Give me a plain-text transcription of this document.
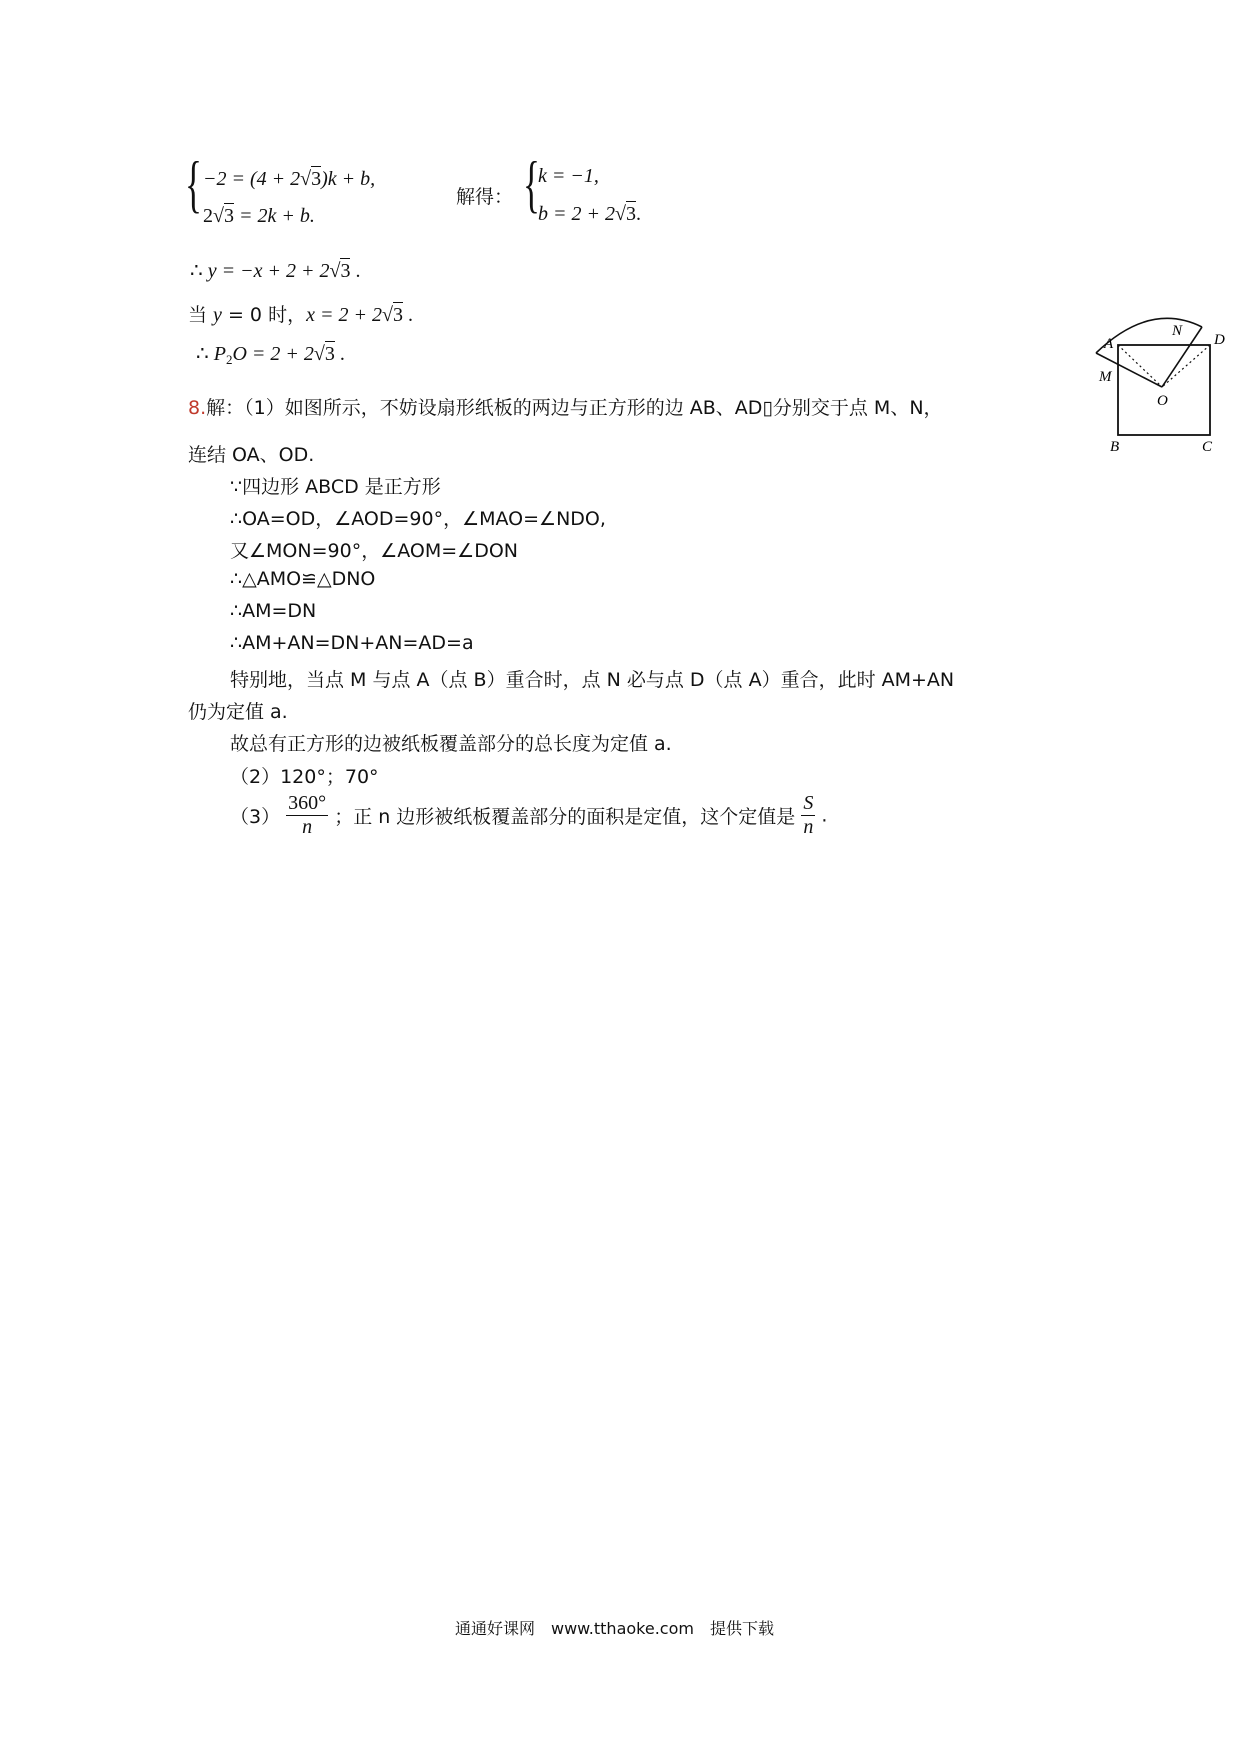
{ −2 = (4 + 2√3)k + b,
2√3 = 2k + b.
解得： {
k = −1,
b = 2 + 2√3.
∴ y = −x + 2 + 2√3 .
当 y = 0 时，x = 2 + 2√3 .
∴ $P_2O = 2 + 2√3$ .
8.解：（1）如图所示，不妨设扇形纸板的两边与正方形的边 AB、AD▯分别交于点 M、N，
连结 OA、OD.
∵四边形 ABCD 是正方形
∴OA=OD，∠AOD=90°，∠MAO=∠NDO,
又∠MON=90°，∠AOM=∠DON
∴△AMO≌△DNO
∴AM=DN
∴AM+AN=DN+AN=AD=a
特别地，当点 M 与点 A（点 B）重合时，点 N 必与点 D（点 A）重合，此时 AM+AN
仍为定值 a.
故总有正方形的边被纸板覆盖部分的总长度为定值 a.
（2）120°；70°
$(3) \frac{360^\circ}{n}$ ；正 n 边形被纸板覆盖部分的面积是定值，这个定值是 $\frac{S}{n}$ .
A
N
D
M
O
B	C
通通好课网　www.tthaoke.com　提供下载
